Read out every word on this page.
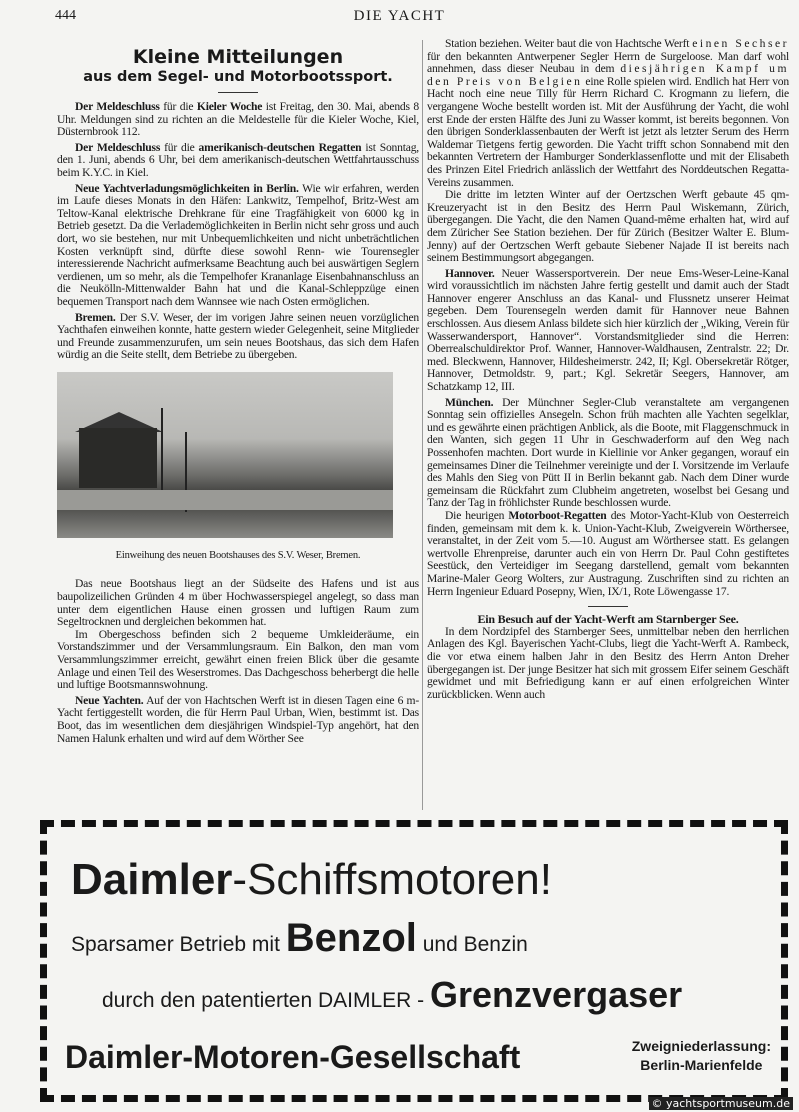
444	DIE YACHT
Kleine Mitteilungen
aus dem Segel- und Motorbootssport.

Der Meldeschluss für die Kieler Woche ist Freitag, den 30. Mai, abends 8 Uhr. Meldungen sind zu richten an die Meldestelle für die Kieler Woche, Kiel, Düsternbrook 112.

Der Meldeschluss für die amerikanisch-deutschen Regatten ist Sonntag, den 1. Juni, abends 6 Uhr, bei dem amerikanisch-deutschen Wettfahrtausschuss beim K.Y.C. in Kiel.

Neue Yachtverladungsmöglichkeiten in Berlin. Wie wir erfahren, werden im Laufe dieses Monats in den Häfen: Lankwitz, Tempelhof, Britz-West am Teltow-Kanal elektrische Drehkrane für eine Tragfähigkeit von 6000 kg in Betrieb gesetzt. Da die Verlademöglichkeiten in Berlin nicht sehr gross und auch dort, wo sie bestehen, nur mit Unbequemlichkeiten und nicht unbeträchtlichen Kosten verknüpft sind, dürfte diese sowohl Renn- wie Tourensegler interessierende Nachricht aufmerksame Beachtung auch bei auswärtigen Seglern verdienen, um so mehr, als die Tempelhofer Krananlage Eisenbahnanschluss an die Neukölln-Mittenwalder Bahn hat und die Kanal-Schleppzüge einen bequemen Transport nach dem Wannsee wie nach Osten ermöglichen.

Bremen. Der S.V. Weser, der im vorigen Jahre seinen neuen vorzüglichen Yachthafen einweihen konnte, hatte gestern wieder Gelegenheit, seine Mitglieder und Freunde zusammenzurufen, um sein neues Bootshaus, das sich dem Hafen würdig an die Seite stellt, dem Betriebe zu übergeben.

Einweihung des neuen Bootshauses des S.V. Weser, Bremen.

Das neue Bootshaus liegt an der Südseite des Hafens und ist aus baupolizeilichen Gründen 4 m über Hochwasserspiegel angelegt, so dass man unter dem eigentlichen Hause einen grossen und luftigen Raum zum Segeltrocknen und dergleichen bekommen hat.

Im Obergeschoss befinden sich 2 bequeme Umkleideräume, ein Vorstandszimmer und der Versammlungsraum. Ein Balkon, den man vom Versammlungszimmer erreicht, gewährt einen freien Blick über die gesamte Anlage und einen Teil des Weserstromes. Das Dachgeschoss beherbergt die helle und luftige Bootsmannswohnung.

Neue Yachten. Auf der von Hachtschen Werft ist in diesen Tagen eine 6 m-Yacht fertiggestellt worden, die für Herrn Paul Urban, Wien, bestimmt ist. Das Boot, das im wesentlichen dem diesjährigen Windspiel-Typ angehört, hat den Namen Halunk erhalten und wird auf dem Wörther See

Station beziehen. Weiter baut die von Hachtsche Werft einen Sechser für den bekannten Antwerpener Segler Herrn de Surgeloose. Man darf wohl annehmen, dass dieser Neubau in dem diesjährigen Kampf um den Preis von Belgien eine Rolle spielen wird. Endlich hat Herr von Hacht noch eine neue Tilly für Herrn Richard C. Krogmann zu liefern, die vergangene Woche bestellt worden ist. Mit der Ausführung der Yacht, die wohl erst Ende der ersten Hälfte des Juni zu Wasser kommt, ist bereits begonnen. Von den übrigen Sonderklassenbauten der Werft ist jetzt als letzter Serum des Herrn Waldemar Tietgens fertig geworden. Die Yacht trifft schon Sonnabend mit den bekannten Vertretern der Hamburger Sonderklassenflotte und mit der Elisabeth des Prinzen Eitel Friedrich anlässlich der Wettfahrt des Norddeutschen Regatta-Vereins zusammen.

Die dritte im letzten Winter auf der Oertzschen Werft gebaute 45 qm-Kreuzeryacht ist in den Besitz des Herrn Paul Wiskemann, Zürich, übergegangen. Die Yacht, die den Namen Quand-même erhalten hat, wird auf dem Züricher See Station beziehen. Der für Zürich (Besitzer Walter E. Blum-Jenny) auf der Oertzschen Werft gebaute Siebener Najade II ist bereits nach seinem Bestimmungsort abgegangen.

Hannover. Neuer Wassersportverein. Der neue Ems-Weser-Leine-Kanal wird voraussichtlich im nächsten Jahre fertig gestellt und damit auch der Stadt Hannover engerer Anschluss an das Kanal- und Flussnetz unserer Heimat gegeben. Dem Tourensegeln werden damit für Hannover neue Bahnen erschlossen. Aus diesem Anlass bildete sich hier kürzlich der „Wiking, Verein für Wasserwandersport, Hannover“. Vorstandsmitglieder sind die Herren: Oberrealschuldirektor Prof. Wanner, Hannover-Waldhausen, Zentralstr. 22; Dr. med. Bleckwenn, Hannover, Hildesheimerstr. 242, II; Kgl. Obersekretär Rötger, Hannover, Detmoldstr. 9, part.; Kgl. Sekretär Seegers, Hannover, am Schatzkamp 12, III.

München. Der Münchner Segler-Club veranstaltete am vergangenen Sonntag sein offizielles Ansegeln. Schon früh machten alle Yachten segelklar, und es gewährte einen prächtigen Anblick, als die Boote, mit Flaggenschmuck in den Wanten, sich gegen 11 Uhr in Geschwaderform auf den Weg nach Possenhofen machten. Dort wurde in Kiellinie vor Anker gegangen, worauf ein gemeinsames Diner die Teilnehmer vereinigte und der I. Vorsitzende im Verlaufe des Mahls den Sieg von Pütt II in Berlin bekannt gab. Nach dem Diner wurde gemeinsam die Rückfahrt zum Clubheim angetreten, woselbst bei Gesang und Tanz der Tag in fröhlichster Runde beschlossen wurde.

Die heurigen Motorboot-Regatten des Motor-Yacht-Klub von Oesterreich finden, gemeinsam mit dem k. k. Union-Yacht-Klub, Zweigverein Wörthersee, veranstaltet, in der Zeit vom 5.—10. August am Wörthersee statt. Es gelangen wertvolle Ehrenpreise, darunter auch ein von Herrn Dr. Paul Cohn gestiftetes Seestück, den Verteidiger im Seegang darstellend, gemalt vom bekannten Marine-Maler Georg Wolters, zur Austragung. Zuschriften sind zu richten an Herrn Ingenieur Eduard Posepny, Wien, IX/1, Rote Löwengasse 17.

Ein Besuch auf der Yacht-Werft am Starnberger See.

In dem Nordzipfel des Starnberger Sees, unmittelbar neben den herrlichen Anlagen des Kgl. Bayerischen Yacht-Clubs, liegt die Yacht-Werft A. Rambeck, die vor etwa einem halben Jahr in den Besitz des Herrn Anton Dreher übergegangen ist. Der junge Besitzer hat sich mit grossem Eifer seinem Geschäft gewidmet und mit Befriedigung kann er auf einen erfolgreichen Winter zurückblicken. Wenn auch

Daimler-Schiffsmotoren!
Sparsamer Betrieb mit Benzol und Benzin
durch den patentierten DAIMLER - Grenzvergaser
Daimler-Motoren-Gesellschaft	Zweigniederlassung:
Berlin-Marienfelde
© yachtsportmuseum.de
